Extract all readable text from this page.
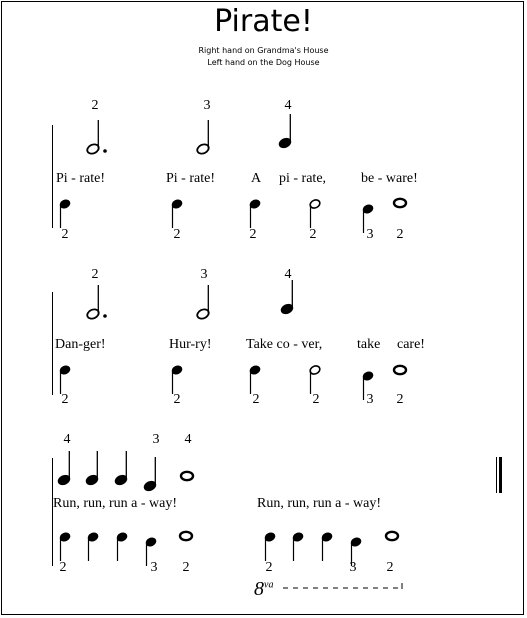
Pirate!
Right hand on Grandma's House
Left hand on the Dog House
2	3	4
Pi - rate!	Pi - rate!	A pi - rate, be - ware!
2	2	2	2	3 2
2	3	4
Dan-ger!	Hur-ry! Take co - ver, take care!
2	2	2	2	3 2
4	3 4
Run, run, run a - way!	Run, run, run a - way!
2	3 2	2	3 2
$8^{va}$
